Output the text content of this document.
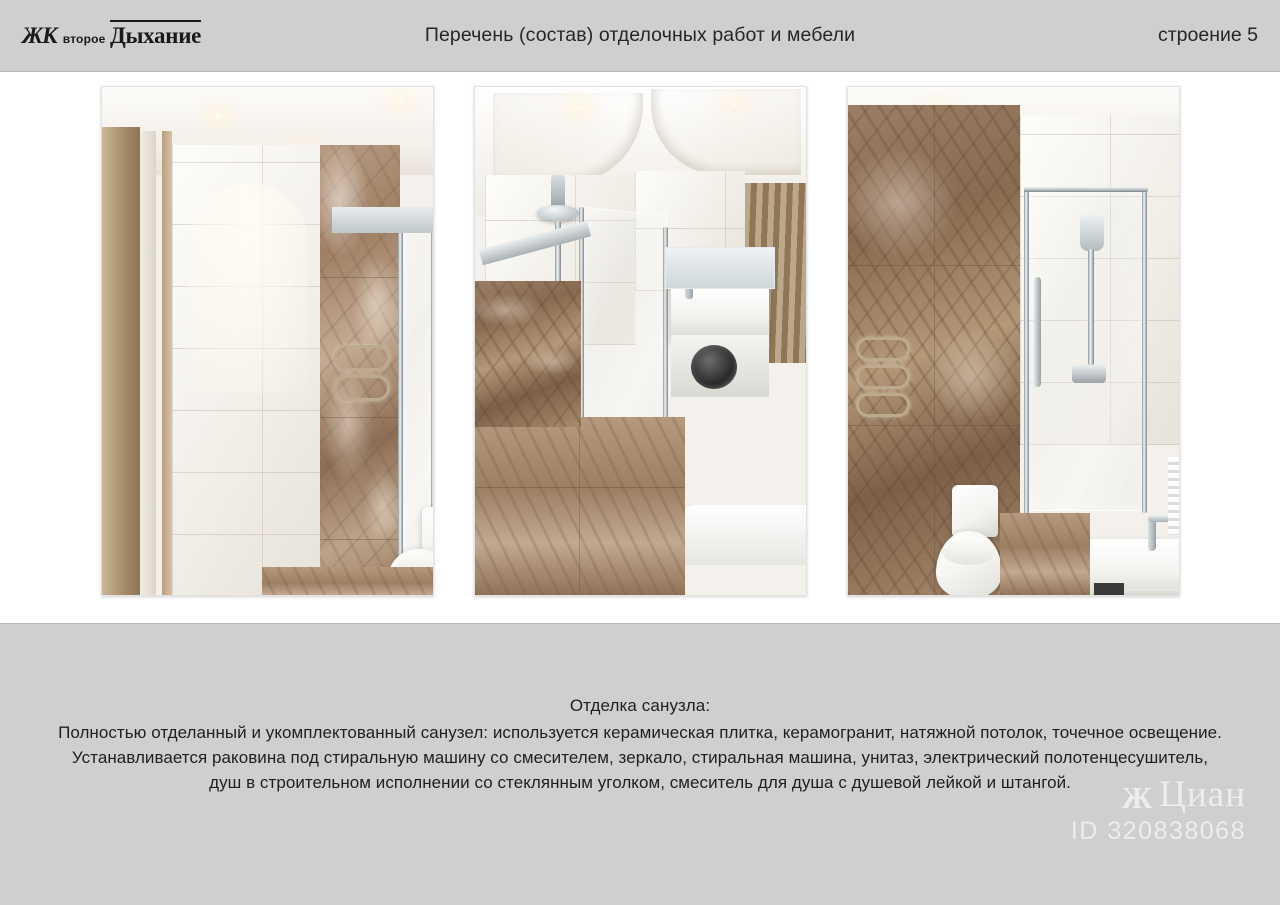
ЖК второе Дыхание	Перечень (состав) отделочных работ и мебели	строение 5
Отделка санузла:

Полностью отделанный и укомплектованный санузел: используется керамическая плитка, керамогранит, натяжной потолок, точечное освещение. Устанавливается раковина под стиральную машину со смесителем, зеркало, стиральная машина, унитаз, электрический полотенцесушитель, душ в строительном исполнении со стеклянным уголком, смеситель для душа с душевой лейкой и штангой.	Ж Циан
ID 320838068
